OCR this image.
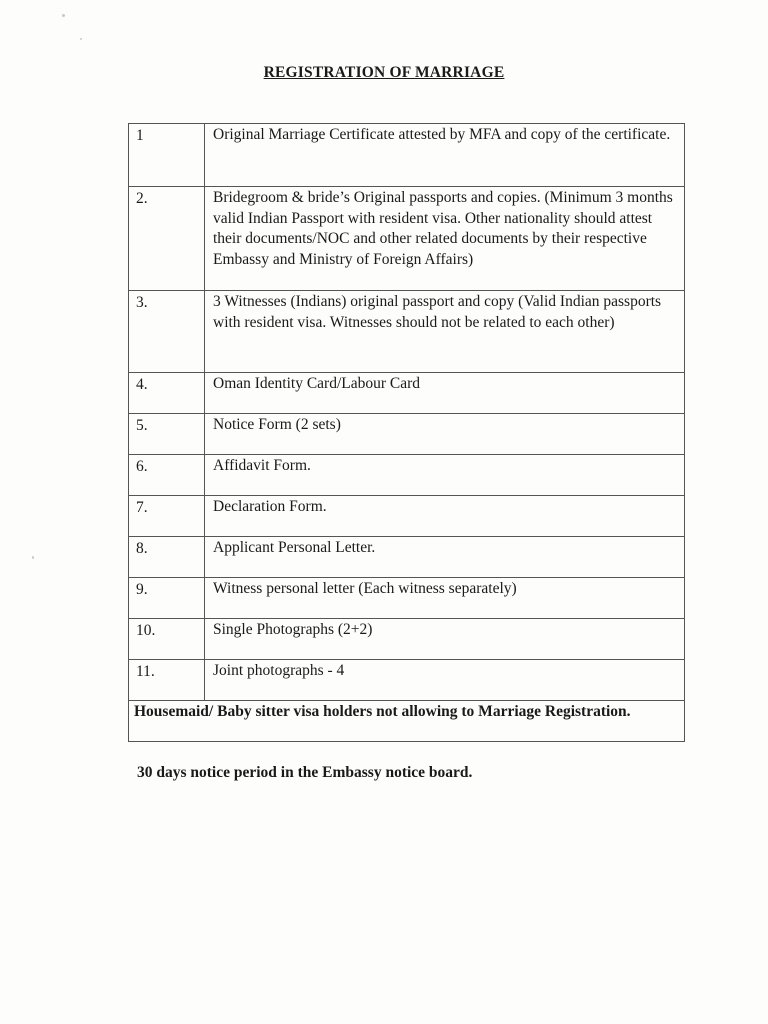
REGISTRATION OF MARRIAGE
1	Original Marriage Certificate attested by MFA and copy of the certificate.
2.	Bridegroom & bride’s Original passports and copies. (Minimum 3 months valid Indian Passport with resident visa. Other nationality should attest their documents/NOC and other related documents by their respective Embassy and Ministry of Foreign Affairs)
3.	3 Witnesses (Indians) original passport and copy (Valid Indian passports with resident visa. Witnesses should not be related to each other)
4.	Oman Identity Card/Labour Card
5.	Notice Form (2 sets)
6.	Affidavit Form.
7.	Declaration Form.
8.	Applicant Personal Letter.
9.	Witness personal letter (Each witness separately)
10.	Single Photographs (2+2)
11.	Joint photographs - 4
Housemaid/ Baby sitter visa holders not allowing to Marriage Registration.	
30 days notice period in the Embassy notice board.
